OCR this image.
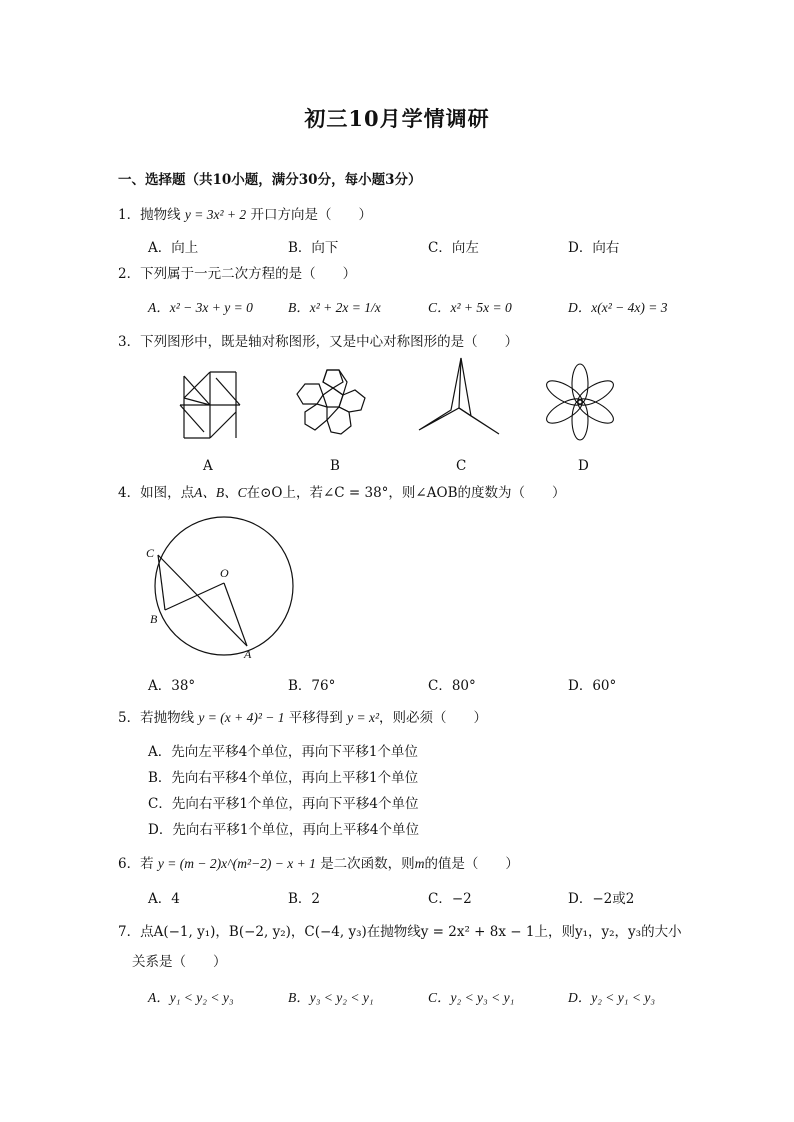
初三10月学情调研
一、选择题（共10小题，满分30分，每小题3分）
1．抛物线 y = 3x² + 2 开口方向是（　　）
A．向上	B．向下	C．向左	D．向右
2．下列属于一元二次方程的是（　　）
A．x² − 3x + y = 0	B．x² + 2x = 1/x	C．x² + 5x = 0	D．x(x² − 4x) = 3
3．下列图形中，既是轴对称图形，又是中心对称图形的是（　　）
A	B	C	D
4．如图，点A、B、C在⊙O上，若∠C = 38°，则∠AOB的度数为（　　）
C
O
B
A
A．38°	B．76°	C．80°	D．60°
5．若抛物线 y = (x + 4)² − 1 平移得到 y = x²，则必须（　　）
A．先向左平移4个单位，再向下平移1个单位
B．先向右平移4个单位，再向上平移1个单位
C．先向右平移1个单位，再向下平移4个单位
D．先向右平移1个单位，再向上平移4个单位
6．若 y = (m − 2)x^(m²−2) − x + 1 是二次函数，则m的值是（　　）
A．4	B．2	C．−2	D．−2或2
7．点A(−1, y₁)，B(−2, y₂)，C(−4, y₃)在抛物线y = 2x² + 8x − 1上，则y₁，y₂，y₃的大小
关系是（　　）
A．y₁ < y₂ < y₃	B．y₃ < y₂ < y₁	C．y₂ < y₃ < y₁	D．y₂ < y₁ < y₃
